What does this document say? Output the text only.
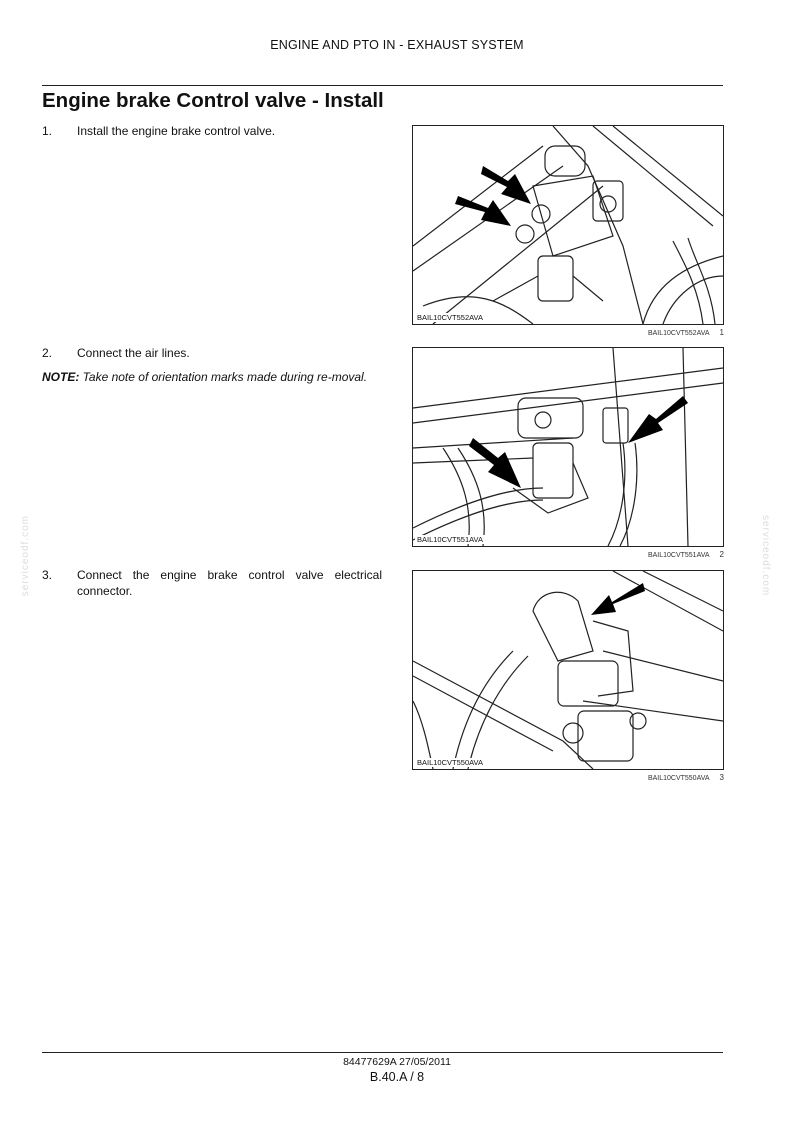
ENGINE AND PTO IN - EXHAUST SYSTEM
Engine brake Control valve - Install
1. Install the engine brake control valve.
BAIL10CVT552AVA
BAIL10CVT552AVA 1
2. Connect the air lines.
NOTE: Take note of orientation marks made during re-moval.
BAIL10CVT551AVA
BAIL10CVT551AVA 2
3. Connect the engine brake control valve electrical connector.
BAIL10CVT550AVA
BAIL10CVT550AVA 3
serviceodf.com	serviceodf.com
84477629A 27/05/2011
B.40.A / 8
